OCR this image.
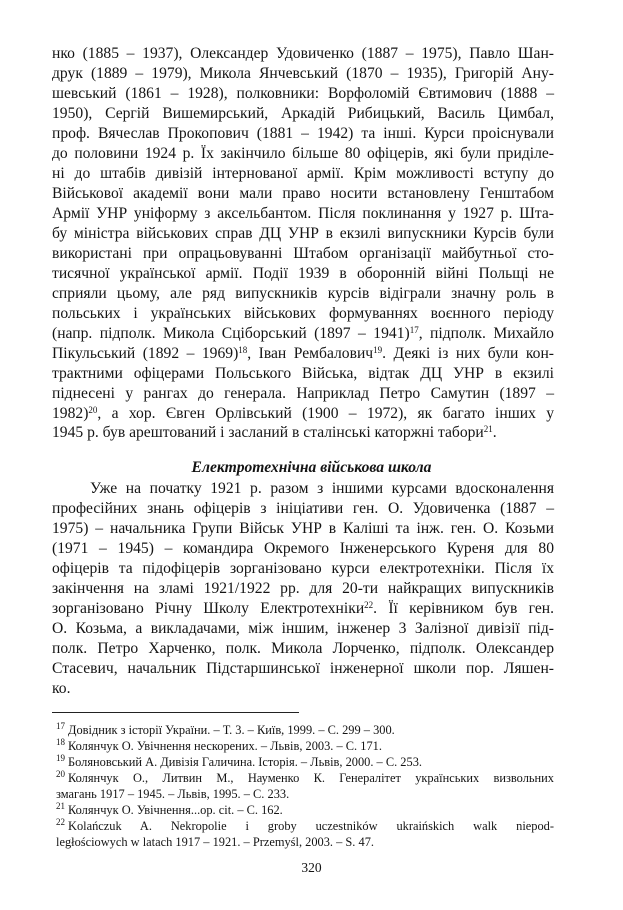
нко (1885 – 1937), Олександер Удовиченко (1887 – 1975), Павло Шан-
друк (1889 – 1979), Микола Янчевський (1870 – 1935), Григорій Ану-
шевський (1861 – 1928), полковники: Ворфоломій Євтимович (1888 –
1950), Сергій Вишемирський, Аркадій Рибицький, Василь Цимбал,
проф. Вячеслав Прокопович (1881 – 1942) та інші. Курси проіснували
до половини 1924 р. Їх закінчило більше 80 офіцерів, які були приділе-
ні до штабів дивізій інтернованої армії. Крім можливості вступу до
Військової академії вони мали право носити встановлену Генштабом
Армії УНР уніформу з аксельбантом. Після поклинання у 1927 р. Шта-
бу міністра військових справ ДЦ УНР в екзилі випускники Курсів були
використані при опрацьовуванні Штабом організації майбутньої сто-
тисячної української армії. Події 1939 в оборонній війні Польщі не
сприяли цьому, але ряд випускників курсів відіграли значну роль в
польських і українських військових формуваннях воєнного періоду
(напр. підполк. Микола Сціборський (1897 – 1941)$^{17}$, підполк. Михайло
Пікульський (1892 – 1969)$^{18}$, Іван Рембалович$^{19}$. Деякі із них були кон-
трактними офіцерами Польського Війська, відтак ДЦ УНР в екзилі
піднесені у рангах до генерала. Наприклад Петро Самутин (1897 –
1982)$^{20}$, а хор. Євген Орлівський (1900 – 1972), як багато інших у
1945 р. був арештований і засланий в сталінські каторжні табори$^{21}$.
Електротехнічна військова школа
Уже на початку 1921 р. разом з іншими курсами вдосконалення
професійних знань офіцерів з ініціативи ген. О. Удовиченка (1887 –
1975) – начальника Групи Військ УНР в Каліші та інж. ген. О. Козьми
(1971 – 1945) – командира Окремого Інженерського Куреня для 80
офіцерів та підофіцерів зорганізовано курси електротехніки. Після їх
закінчення на зламі 1921/1922 рр. для 20-ти найкращих випускників
зорганізовано Річну Школу Електротехніки$^{22}$. Її керівником був ген.
О. Козьма, а викладачами, між іншим, інженер 3 Залізної дивізії під-
полк. Петро Харченко, полк. Микола Лорченко, підполк. Олександер
Стасевич, начальник Підстаршинської інженерної школи пор. Ляшен-
ко.
$^{17}$ Довідник з історії України. – Т. 3. – Київ, 1999. – С. 299 – 300.
$^{18}$ Колянчук О. Увічнення нескорених. – Львів, 2003. – С. 171.
$^{19}$ Боляновський А. Дивізія Галичина. Історія. – Львів, 2000. – С. 253.
$^{20}$ Колянчук О., Литвин М., Науменко К. Генералітет українських визвольних
змагань 1917 – 1945. – Львів, 1995. – С. 233.
$^{21}$ Колянчук О. Увічнення...op. cit. – С. 162.
$^{22}$ Kolańczuk A. Nekropolie i groby uczestników ukraińskich walk niepod-
ległościowych w latach 1917 – 1921. – Przemyśl, 2003. – S. 47.
320
